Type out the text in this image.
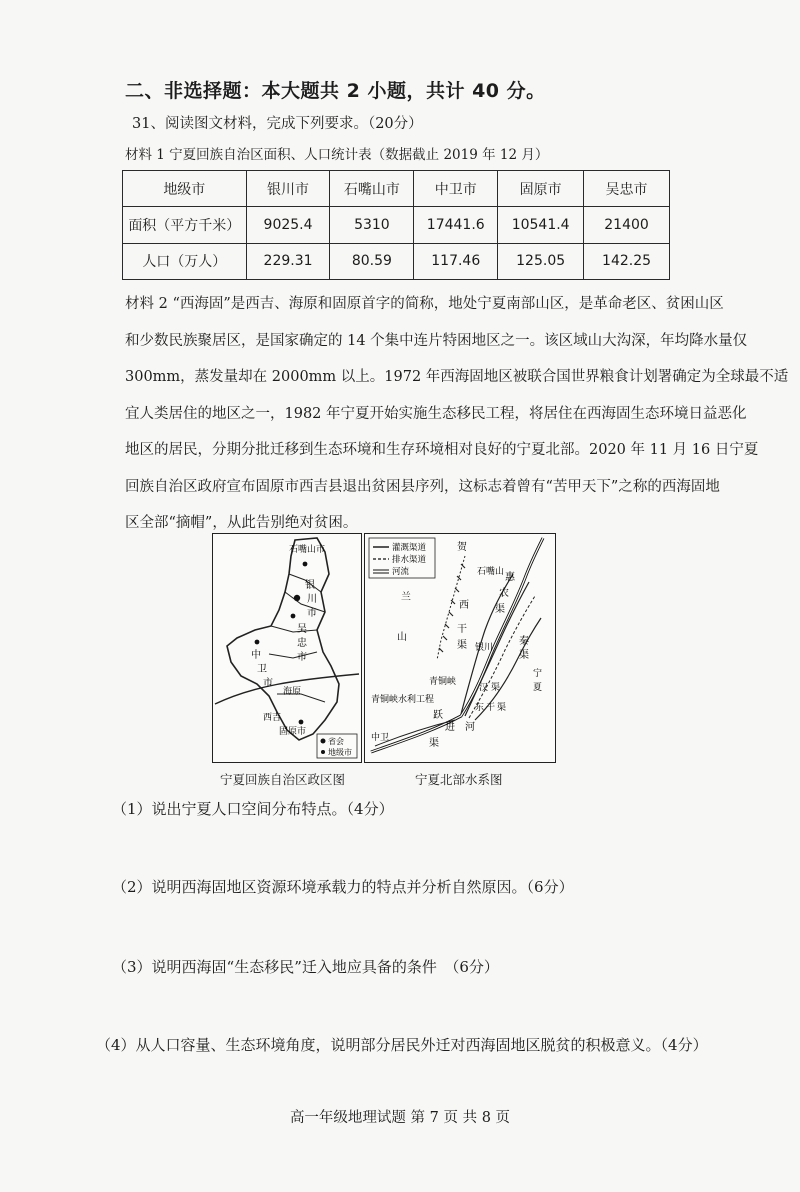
二、非选择题：本大题共 2 小题，共计 40 分。
31、阅读图文材料，完成下列要求。（20分）
材料 1 宁夏回族自治区面积、人口统计表（数据截止 2019 年 12 月）
地级市	银川市	石嘴山市	中卫市	固原市	吴忠市
面积（平方千米）	9025.4	5310	17441.6	10541.4	21400
人口（万人）	229.31	80.59	117.46	125.05	142.25
材料 2 “西海固”是西吉、海原和固原首字的简称，地处宁夏南部山区，是革命老区、贫困山区
和少数民族聚居区，是国家确定的 14 个集中连片特困地区之一。该区域山大沟深，年均降水量仅
300mm，蒸发量却在 2000mm 以上。1972 年西海固地区被联合国世界粮食计划署确定为全球最不适
宜人类居住的地区之一，1982 年宁夏开始实施生态移民工程，将居住在西海固生态环境日益恶化
地区的居民，分期分批迁移到生态环境和生存环境相对良好的宁夏北部。2020 年 11 月 16 日宁夏
回族自治区政府宣布固原市西吉县退出贫困县序列，这标志着曾有“苦甲天下”之称的西海固地
区全部“摘帽”，从此告别绝对贫困。
石嘴山市
银
川
市
吴
忠
市
中
卫
市
海原
西吉
固原市
省会
地级市
宁夏回族自治区政区图
灌溉渠道
排水渠道
河流
贺
兰
山
石嘴山 惠
农
渠
西
干
渠 银川
秦
渠
汉 渠
东 干 渠
青铜峡
青铜峡水利工程
中卫
跃
进
渠
河
宁
夏
宁夏北部水系图
（1）说出宁夏人口空间分布特点。（4分）
（2）说明西海固地区资源环境承载力的特点并分析自然原因。（6分）
（3）说明西海固“生态移民”迁入地应具备的条件　（6分）
（4）从人口容量、生态环境角度，说明部分居民外迁对西海固地区脱贫的积极意义。（4分）
高一年级地理试题 第 7 页 共 8 页
